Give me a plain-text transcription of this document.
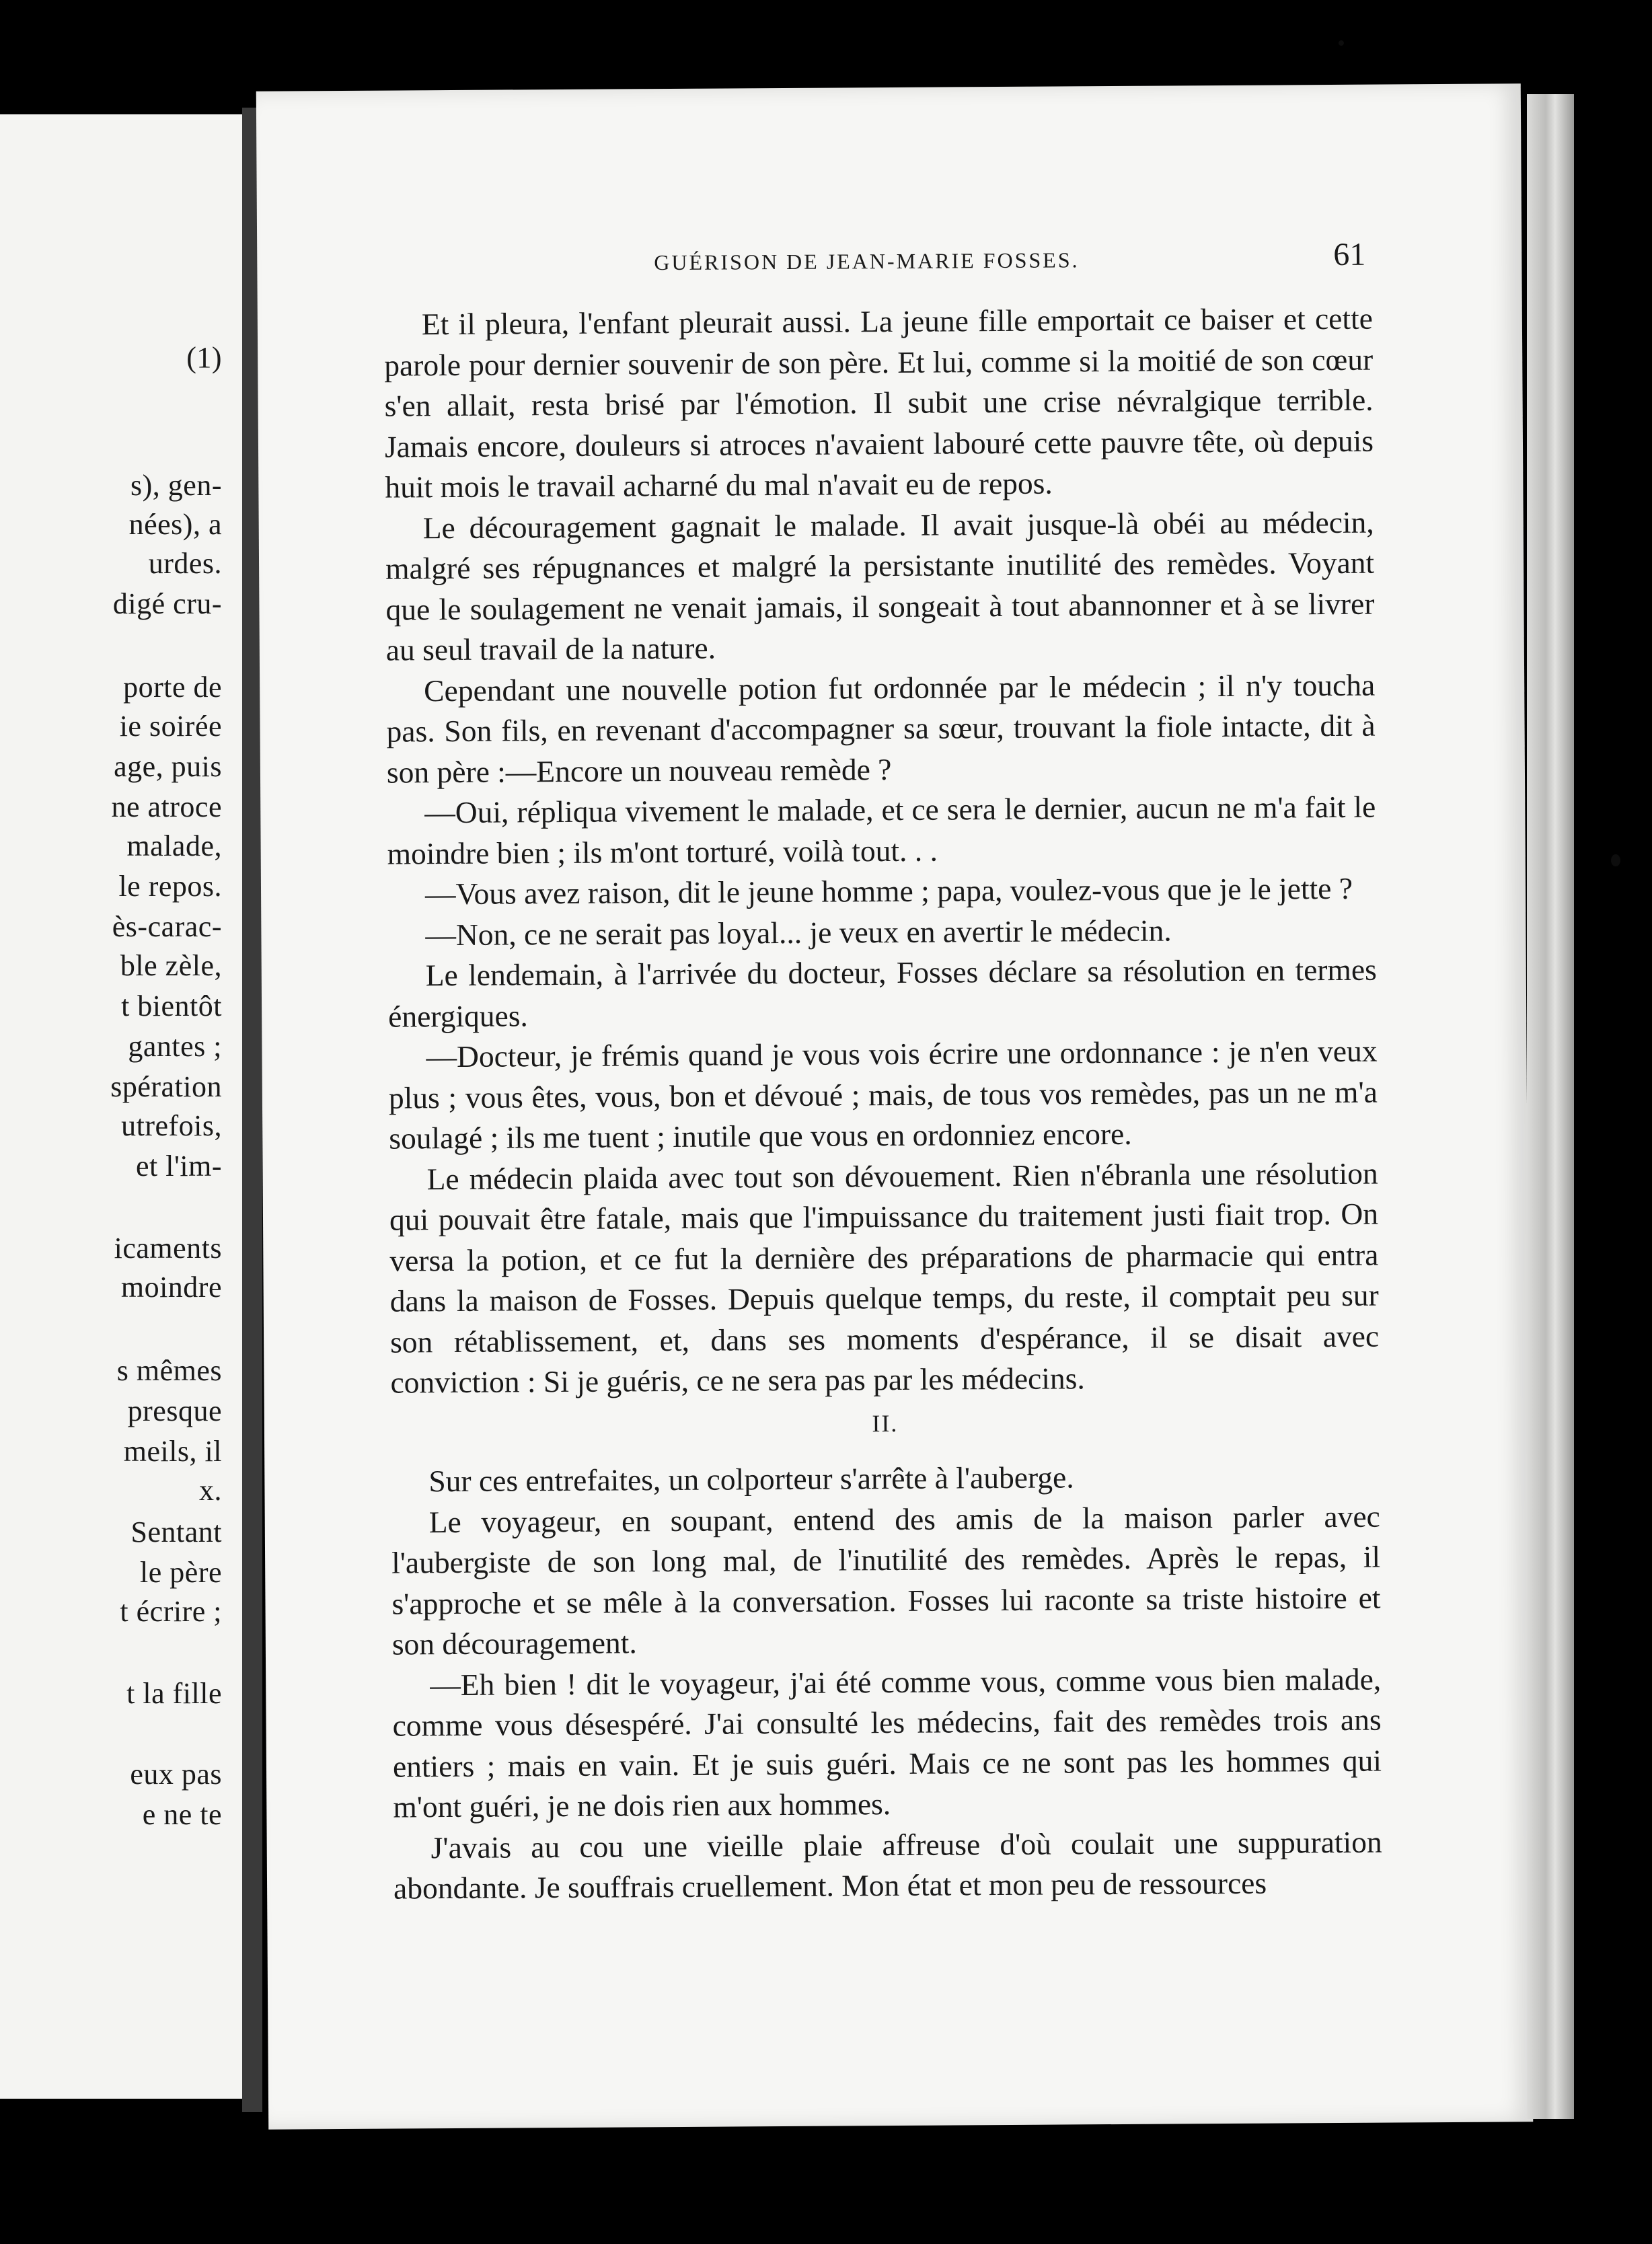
(1)
s), gen-
nées), a
urdes.
digé cru-
porte de
ie soirée
age, puis
ne atroce
malade,
le repos.
ès-carac-
ble zèle,
t bientôt
gantes ;
spération
utrefois,
et l'im-
icaments
moindre
s mêmes
presque
meils, il
x.
Sentant
le père
t écrire ;
t la fille
eux pas
e ne te
GUÉRISON DE JEAN-MARIE FOSSES.	61

Et il pleura, l'enfant pleurait aussi. La jeune fille emportait ce baiser et cette parole pour dernier souvenir de son père. Et lui, comme si la moitié de son cœur s'en allait, resta brisé par l'émotion. Il subit une crise névralgique terrible. Jamais encore, douleurs si atroces n'avaient labouré cette pauvre tête, où depuis huit mois le travail acharné du mal n'avait eu de repos.

Le découragement gagnait le malade. Il avait jusque-là obéi au médecin, malgré ses répugnances et malgré la persistante inutilité des remèdes. Voyant que le soulagement ne venait jamais, il songeait à tout abannonner et à se livrer au seul travail de la nature.

Cependant une nouvelle potion fut ordonnée par le médecin ; il n'y toucha pas. Son fils, en revenant d'accompagner sa sœur, trouvant la fiole intacte, dit à son père :—Encore un nouveau remède ?

—Oui, répliqua vivement le malade, et ce sera le dernier, aucun ne m'a fait le moindre bien ; ils m'ont torturé, voilà tout. . .

—Vous avez raison, dit le jeune homme ; papa, voulez-vous que je le jette ?

—Non, ce ne serait pas loyal... je veux en avertir le médecin.

Le lendemain, à l'arrivée du docteur, Fosses déclare sa résolution en termes énergiques.

—Docteur, je frémis quand je vous vois écrire une ordonnance : je n'en veux plus ; vous êtes, vous, bon et dévoué ; mais, de tous vos remèdes, pas un ne m'a soulagé ; ils me tuent ; inutile que vous en ordonniez encore.

Le médecin plaida avec tout son dévouement. Rien n'ébranla une résolution qui pouvait être fatale, mais que l'impuissance du traitement justi fiait trop. On versa la potion, et ce fut la dernière des préparations de pharmacie qui entra dans la maison de Fosses. Depuis quelque temps, du reste, il comptait peu sur son rétablissement, et, dans ses moments d'espérance, il se disait avec conviction : Si je guéris, ce ne sera pas par les médecins.

II.

Sur ces entrefaites, un colporteur s'arrête à l'auberge.

Le voyageur, en soupant, entend des amis de la maison parler avec l'aubergiste de son long mal, de l'inutilité des remèdes. Après le repas, il s'approche et se mêle à la conversation. Fosses lui raconte sa triste histoire et son découragement.

—Eh bien ! dit le voyageur, j'ai été comme vous, comme vous bien malade, comme vous désespéré. J'ai consulté les médecins, fait des remèdes trois ans entiers ; mais en vain. Et je suis guéri. Mais ce ne sont pas les hommes qui m'ont guéri, je ne dois rien aux hommes.

J'avais au cou une vieille plaie affreuse d'où coulait une suppuration abondante. Je souffrais cruellement. Mon état et mon peu de ressources
